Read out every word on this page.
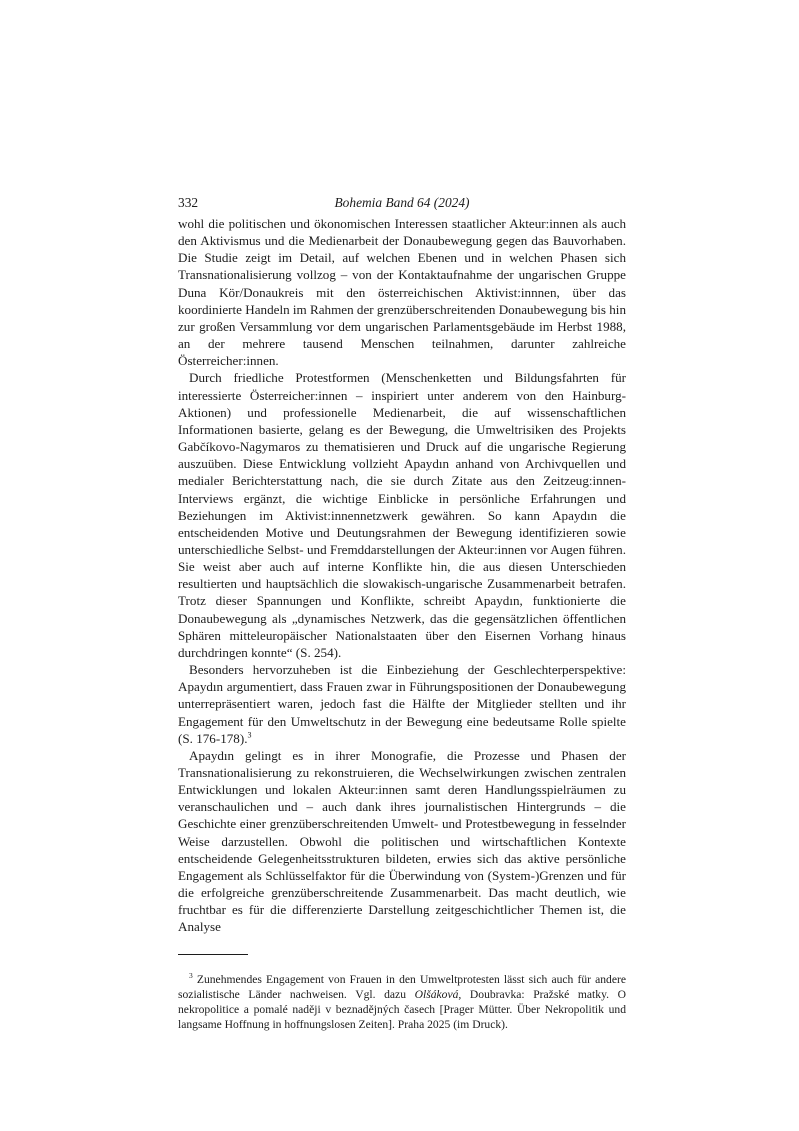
332	Bohemia Band 64 (2024)

wohl die politischen und ökonomischen Interessen staatlicher Akteur:innen als auch den Aktivismus und die Medienarbeit der Donaubewegung gegen das Bauvorhaben. Die Studie zeigt im Detail, auf welchen Ebenen und in welchen Phasen sich Transnationalisierung vollzog – von der Kontaktaufnahme der ungarischen Gruppe Duna Kör/Donaukreis mit den österreichischen Aktivist:innnen, über das koordinierte Handeln im Rahmen der grenzüberschreitenden Donaubewegung bis hin zur großen Versammlung vor dem ungarischen Parlamentsgebäude im Herbst 1988, an der mehrere tausend Menschen teilnahmen, darunter zahlreiche Österreicher:innen.

Durch friedliche Protestformen (Menschenketten und Bildungsfahrten für interessierte Österreicher:innen – inspiriert unter anderem von den Hainburg-Aktionen) und professionelle Medienarbeit, die auf wissenschaftlichen Informationen basierte, gelang es der Bewegung, die Umweltrisiken des Projekts Gabčíkovo-Nagymaros zu thematisieren und Druck auf die ungarische Regierung auszuüben. Diese Entwicklung vollzieht Apaydın anhand von Archivquellen und medialer Berichterstattung nach, die sie durch Zitate aus den Zeitzeug:innen-Interviews ergänzt, die wichtige Einblicke in persönliche Erfahrungen und Beziehungen im Aktivist:innennetzwerk gewähren. So kann Apaydın die entscheidenden Motive und Deutungsrahmen der Bewegung identifizieren sowie unterschiedliche Selbst- und Fremddarstellungen der Akteur:innen vor Augen führen. Sie weist aber auch auf interne Konflikte hin, die aus diesen Unterschieden resultierten und hauptsächlich die slowakisch-ungarische Zusammenarbeit betrafen. Trotz dieser Spannungen und Konflikte, schreibt Apaydın, funktionierte die Donaubewegung als „dynamisches Netzwerk, das die gegensätzlichen öffentlichen Sphären mitteleuropäischer Nationalstaaten über den Eisernen Vorhang hinaus durchdringen konnte“ (S. 254).

Besonders hervorzuheben ist die Einbeziehung der Geschlechterperspektive: Apaydın argumentiert, dass Frauen zwar in Führungspositionen der Donaubewegung unterrepräsentiert waren, jedoch fast die Hälfte der Mitglieder stellten und ihr Engagement für den Umweltschutz in der Bewegung eine bedeutsame Rolle spielte (S. 176-178).$^3$

Apaydın gelingt es in ihrer Monografie, die Prozesse und Phasen der Transnationalisierung zu rekonstruieren, die Wechselwirkungen zwischen zentralen Entwicklungen und lokalen Akteur:innen samt deren Handlungsspielräumen zu veranschaulichen und – auch dank ihres journalistischen Hintergrunds – die Geschichte einer grenzüberschreitenden Umwelt- und Protestbewegung in fesselnder Weise darzustellen. Obwohl die politischen und wirtschaftlichen Kontexte entscheidende Gelegenheitsstrukturen bildeten, erwies sich das aktive persönliche Engagement als Schlüsselfaktor für die Überwindung von (System-)Grenzen und für die erfolgreiche grenzüberschreitende Zusammenarbeit. Das macht deutlich, wie fruchtbar es für die differenzierte Darstellung zeitgeschichtlicher Themen ist, die Analyse

$^3$ Zunehmendes Engagement von Frauen in den Umweltprotesten lässt sich auch für andere sozialistische Länder nachweisen. Vgl. dazu Olšáková, Doubravka: Pražské matky. O nekropolitice a pomalé naději v beznadějných časech [Prager Mütter. Über Nekropolitik und langsame Hoffnung in hoffnungslosen Zeiten]. Praha 2025 (im Druck).
